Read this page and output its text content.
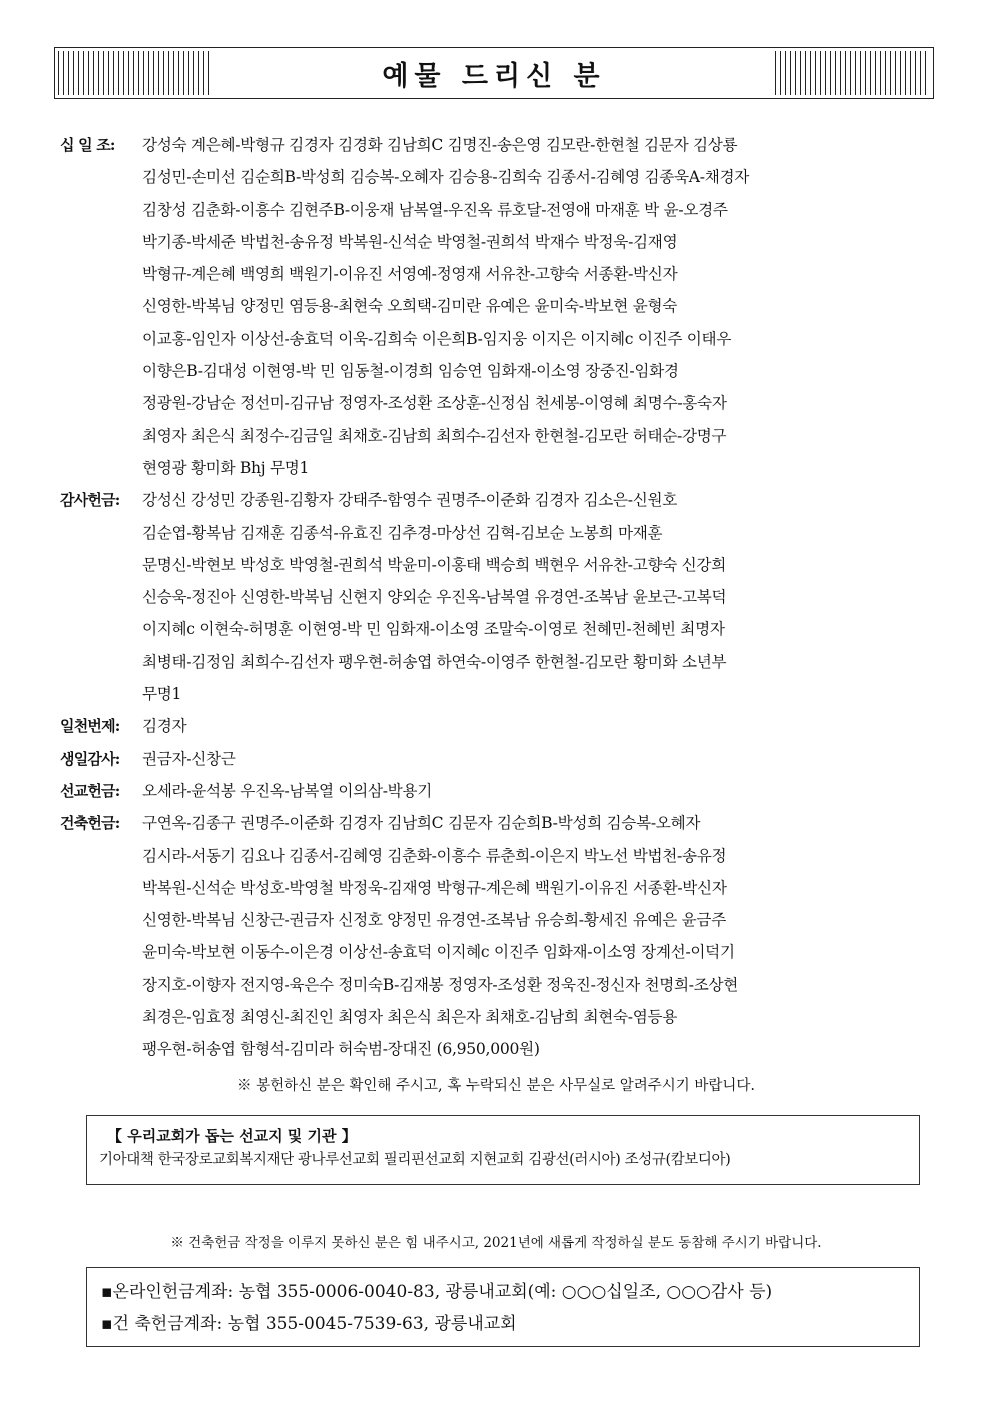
예물 드리신 분
십 일 조:	강성숙 계은혜-박형규 김경자 김경화 김남희C 김명진-송은영 김모란-한현철 김문자 김상룡
김성민-손미선 김순희B-박성희 김승복-오혜자 김승용-김희숙 김종서-김혜영 김종욱A-채경자
김창성 김춘화-이흥수 김현주B-이웅재 남복열-우진옥 류호달-전영애 마재훈 박 윤-오경주
박기종-박세준 박법천-송유정 박복원-신석순 박영철-권희석 박재수 박정욱-김재영
박형규-계은혜 백영희 백원기-이유진 서영예-정영재 서유찬-고향숙 서종환-박신자
신영한-박복님 양정민 염등용-최현숙 오희택-김미란 유예은 윤미숙-박보현 윤형숙
이교홍-임인자 이상선-송효덕 이욱-김희숙 이은희B-임지웅 이지은 이지혜c 이진주 이태우
이향은B-김대성 이현영-박 민 임동철-이경희 임승연 임화재-이소영 장중진-임화경
정광원-강남순 정선미-김규남 정영자-조성환 조상훈-신정심 천세봉-이영혜 최명수-홍숙자
최영자 최은식 최정수-김금일 최채호-김남희 최희수-김선자 한현철-김모란 허태순-강명구
현영광 황미화 Bhj 무명1
감사헌금:	강성신 강성민 강종원-김황자 강태주-함영수 권명주-이준화 김경자 김소은-신원호
김순엽-황복남 김재훈 김종석-유효진 김추경-마상선 김혁-김보순 노봉희 마재훈
문명신-박현보 박성호 박영철-권희석 박윤미-이홍태 백승희 백현우 서유찬-고향숙 신강희
신승욱-정진아 신영한-박복님 신현지 양외순 우진옥-남복열 유경연-조복남 윤보근-고복덕
이지혜c 이현숙-허명훈 이현영-박 민 임화재-이소영 조말숙-이영로 천혜민-천혜빈 최명자
최병태-김정임 최희수-김선자 팽우현-허송엽 하연숙-이영주 한현철-김모란 황미화 소년부
무명1
일천번제:	김경자
생일감사:	권금자-신창근
선교헌금:	오세라-윤석봉 우진옥-남복열 이의삼-박용기
건축헌금:	구연옥-김종구 권명주-이준화 김경자 김남희C 김문자 김순희B-박성희 김승복-오혜자
김시라-서동기 김요나 김종서-김혜영 김춘화-이흥수 류춘희-이은지 박노선 박법천-송유정
박복원-신석순 박성호-박영철 박정욱-김재영 박형규-계은혜 백원기-이유진 서종환-박신자
신영한-박복님 신창근-권금자 신정호 양정민 유경연-조복남 유승희-황세진 유예은 윤금주
윤미숙-박보현 이동수-이은경 이상선-송효덕 이지혜c 이진주 임화재-이소영 장계선-이덕기
장지호-이향자 전지영-육은수 정미숙B-김재봉 정영자-조성환 정욱진-정신자 천명희-조상현
최경은-임효정 최영신-최진인 최영자 최은식 최은자 최채호-김남희 최현숙-염등용
팽우현-허송엽 함형석-김미라 허숙범-장대진 (6,950,000원)
※ 봉헌하신 분은 확인해 주시고, 혹 누락되신 분은 사무실로 알려주시기 바랍니다.
【 우리교회가 돕는 선교지 및 기관 】
기아대책 한국장로교회복지재단 광나루선교회 필리핀선교회 지현교회 김광선(러시아) 조성규(캄보디아)
※ 건축헌금 작정을 이루지 못하신 분은 힘 내주시고, 2021년에 새롭게 작정하실 분도 동참해 주시기 바랍니다.
▪온라인헌금계좌: 농협 355-0006-0040-83, 광릉내교회(예: ○○○십일조, ○○○감사 등)
▪건 축헌금계좌: 농협 355-0045-7539-63, 광릉내교회
